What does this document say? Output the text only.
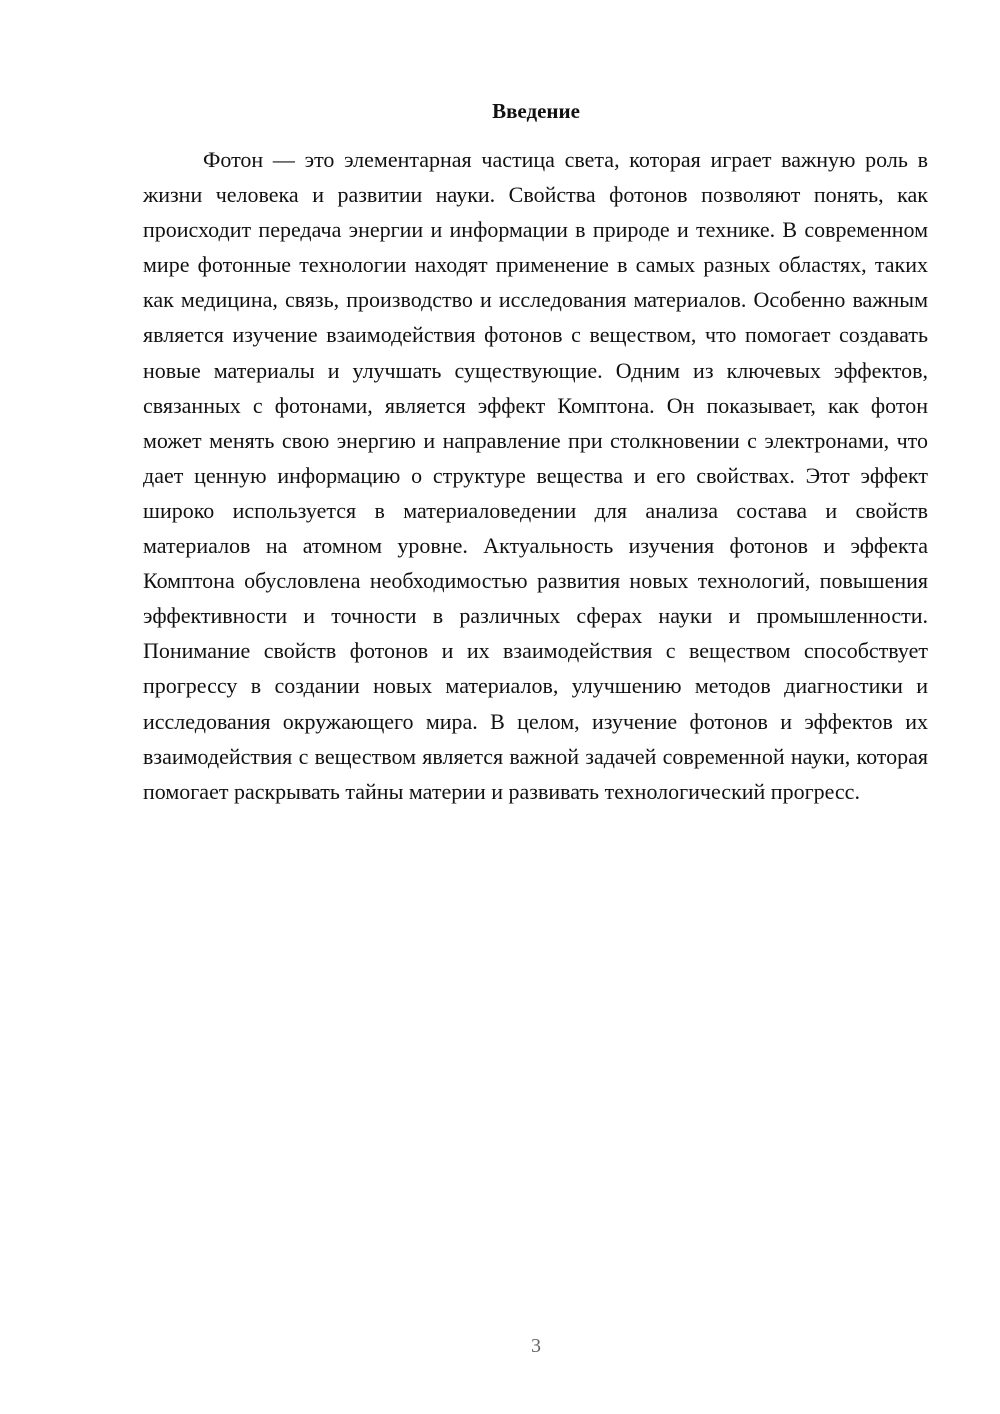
Введение

Фотон — это элементарная частица света, которая играет важную роль в жизни человека и развитии науки. Свойства фотонов позволяют понять, как происходит передача энергии и информации в природе и технике. В современном мире фотонные технологии находят применение в самых разных областях, таких как медицина, связь, производство и исследования материалов. Особенно важным является изучение взаимодействия фотонов с веществом, что помогает создавать новые материалы и улучшать существующие. Одним из ключевых эффектов, связанных с фотонами, является эффект Комптона. Он показывает, как фотон может менять свою энергию и направление при столкновении с электронами, что дает ценную информацию о структуре вещества и его свойствах. Этот эффект широко используется в материаловедении для анализа состава и свойств материалов на атомном уровне. Актуальность изучения фотонов и эффекта Комптона обусловлена необходимостью развития новых технологий, повышения эффективности и точности в различных сферах науки и промышленности. Понимание свойств фотонов и их взаимодействия с веществом способствует прогрессу в создании новых материалов, улучшению методов диагностики и исследования окружающего мира. В целом, изучение фотонов и эффектов их взаимодействия с веществом является важной задачей современной науки, которая помогает раскрывать тайны материи и развивать технологический прогресс.

3
